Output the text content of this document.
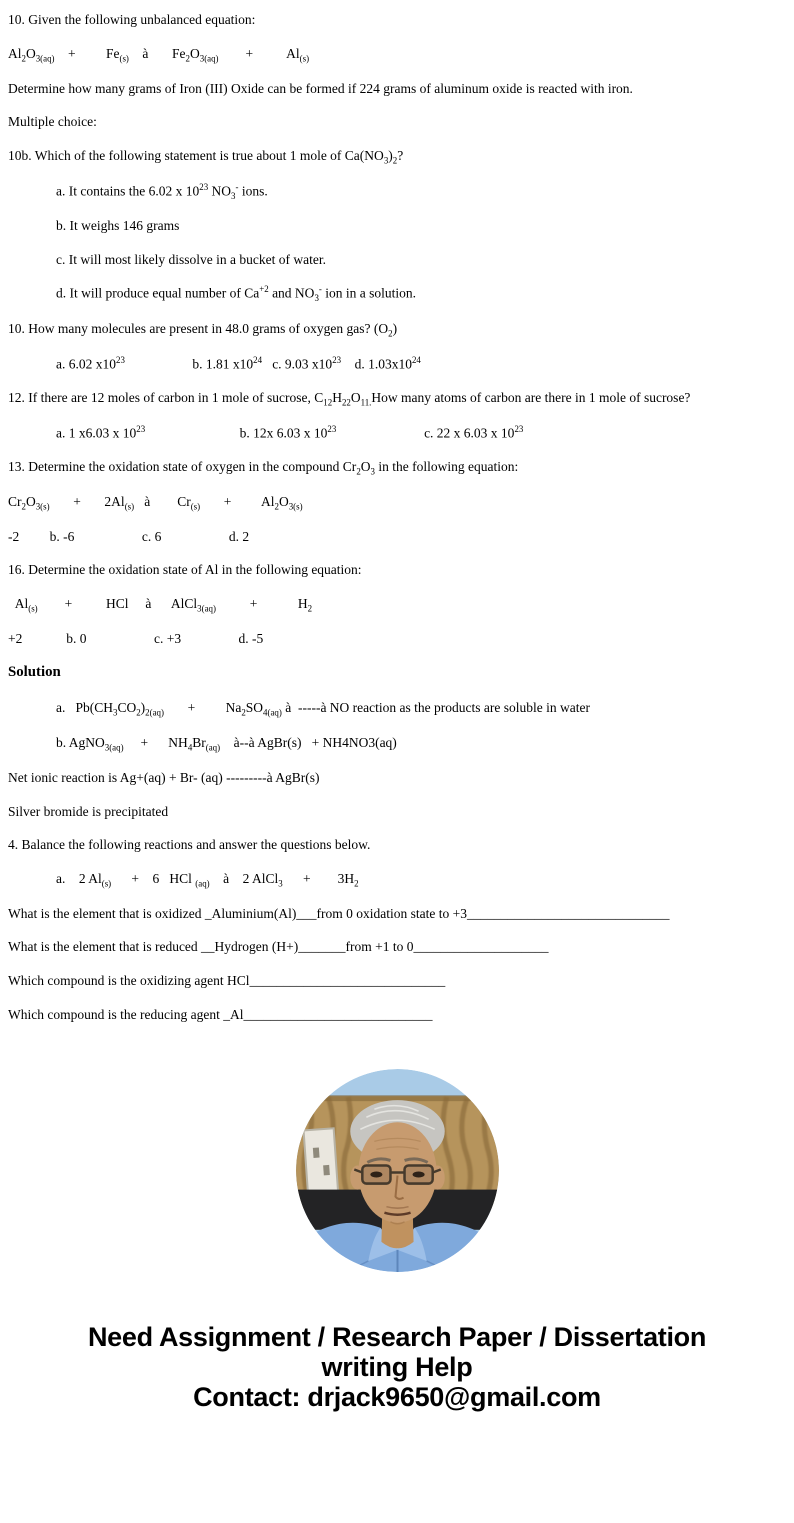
10. Given the following unbalanced equation:
$Al_2O_{3(aq)}$    +         $Fe_{(s)}$    à       $Fe_2O_{3(aq)}$        +          $Al_{(s)}$
Determine how many grams of Iron (III) Oxide can be formed if 224 grams of aluminum oxide is reacted with iron.
Multiple choice:
10b. Which of the following statement is true about 1 mole of $Ca(NO_3)_2$?
a. It contains the 6.02 x $10^{23}$ $NO_3^-$ ions.
b. It weighs 146 grams
c. It will most likely dissolve in a bucket of water.
d. It will produce equal number of $Ca^{+2}$ and $NO_3^-$ ion in a solution.
10. How many molecules are present in 48.0 grams of oxygen gas? $(O_2)$
a. 6.02 $x10^{23}$                    b. 1.81 $x10^{24}$   c. 9.03 $x10^{23}$    d. $1.03x10^{24}$
12. If there are 12 moles of carbon in 1 mole of sucrose, $C_{12}H_{22}O_{11.}How$ many atoms of carbon are there in 1 mole of sucrose?
a. 1 x6.03 x $10^{23}$                            b. 12x 6.03 x $10^{23}$                          c. 22 x 6.03 x $10^{23}$
13. Determine the oxidation state of oxygen in the compound $Cr_2O_3$ in the following equation:
$Cr_2O_{3(s)}$       +       $2Al_{(s)}$   à        $Cr_{(s)}$       +         $Al_2O_{3(s)}$
-2         b. -6                    c. 6                    d. 2
16. Determine the oxidation state of Al in the following equation:
$Al_{(s)}$        +          HCl     à      AlCl$_{3(aq)}$          +            $H_2$
+2             b. 0                    c. +3                 d. -5
Solution
a.   $Pb(CH_3CO_2)_{2(aq)}$       +         $Na_2SO_{4(aq)}$ à  -----à NO reaction as the products are soluble in water
b. AgNO$_{3(aq)}$     +      $NH_4Br_{(aq)}$    à--à AgBr(s)   + NH4NO3(aq)
Net ionic reaction is Ag+(aq) + Br- (aq) ---------à AgBr(s)
Silver bromide is precipitated
4. Balance the following reactions and answer the questions below.
a.    2 $Al_{(s)}$      +    6   HCl $_{(aq)}$    à    2 AlCl$_3$      +        $3H_2$
What is the element that is oxidized _Aluminium(Al)___from 0 oxidation state to +3______________________________
What is the element that is reduced __Hydrogen (H+)_______from +1 to 0____________________
Which compound is the oxidizing agent HCl_____________________________
Which compound is the reducing agent _Al____________________________
Need Assignment / Research Paper / Dissertation
writing Help
Contact: drjack9650@gmail.com
